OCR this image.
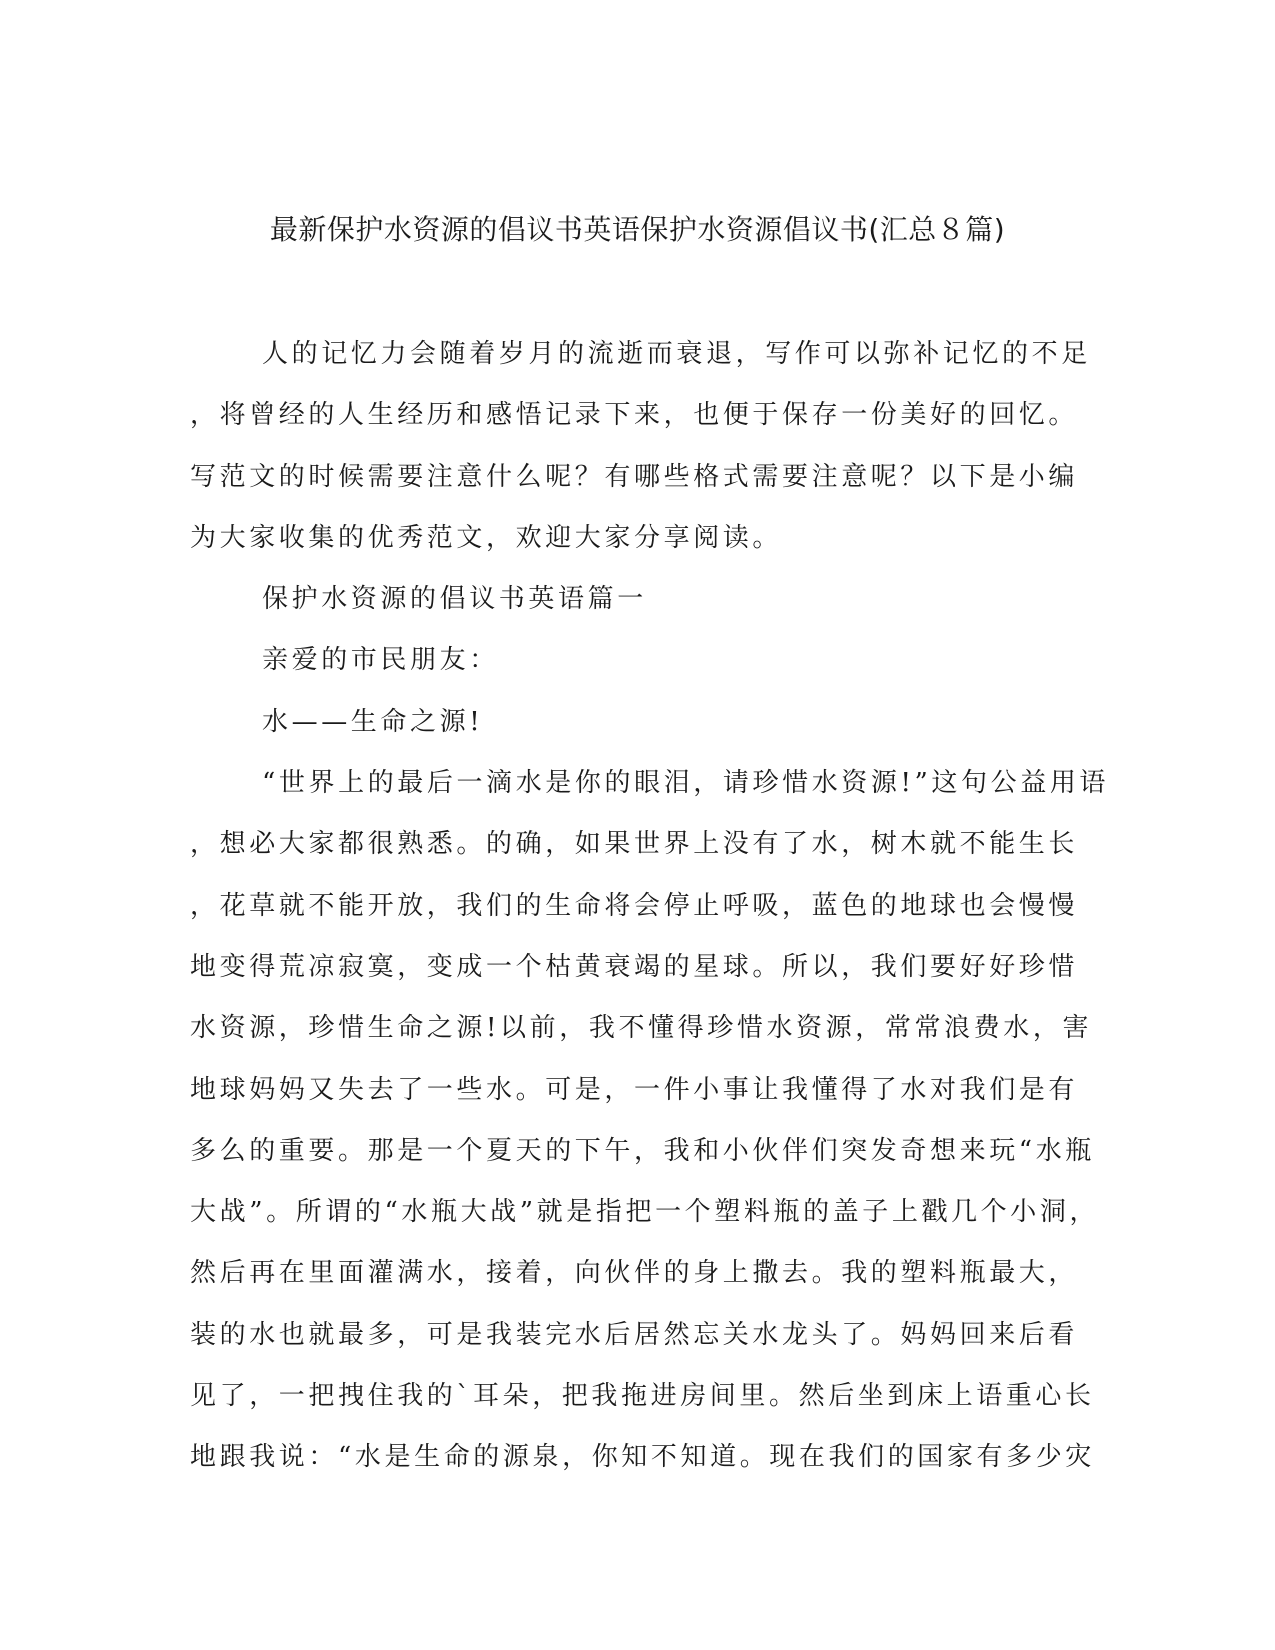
最新保护水资源的倡议书英语保护水资源倡议书(汇总８篇)

人的记忆力会随着岁月的流逝而衰退，写作可以弥补记忆的不足

，将曾经的人生经历和感悟记录下来，也便于保存一份美好的回忆。

写范文的时候需要注意什么呢？有哪些格式需要注意呢？以下是小编

为大家收集的优秀范文，欢迎大家分享阅读。

保护水资源的倡议书英语篇一

亲爱的市民朋友：

水——生命之源!

“世界上的最后一滴水是你的眼泪，请珍惜水资源!”这句公益用语

，想必大家都很熟悉。的确，如果世界上没有了水，树木就不能生长

，花草就不能开放，我们的生命将会停止呼吸，蓝色的地球也会慢慢

地变得荒凉寂寞，变成一个枯黄衰竭的星球。所以，我们要好好珍惜

水资源，珍惜生命之源!以前，我不懂得珍惜水资源，常常浪费水，害

地球妈妈又失去了一些水。可是，一件小事让我懂得了水对我们是有

多么的重要。那是一个夏天的下午，我和小伙伴们突发奇想来玩“水瓶

大战”。所谓的“水瓶大战”就是指把一个塑料瓶的盖子上戳几个小洞，

然后再在里面灌满水，接着，向伙伴的身上撒去。我的塑料瓶最大，

装的水也就最多，可是我装完水后居然忘关水龙头了。妈妈回来后看

见了，一把拽住我的`耳朵，把我拖进房间里。然后坐到床上语重心长

地跟我说：“水是生命的源泉，你知不知道。现在我们的国家有多少灾
